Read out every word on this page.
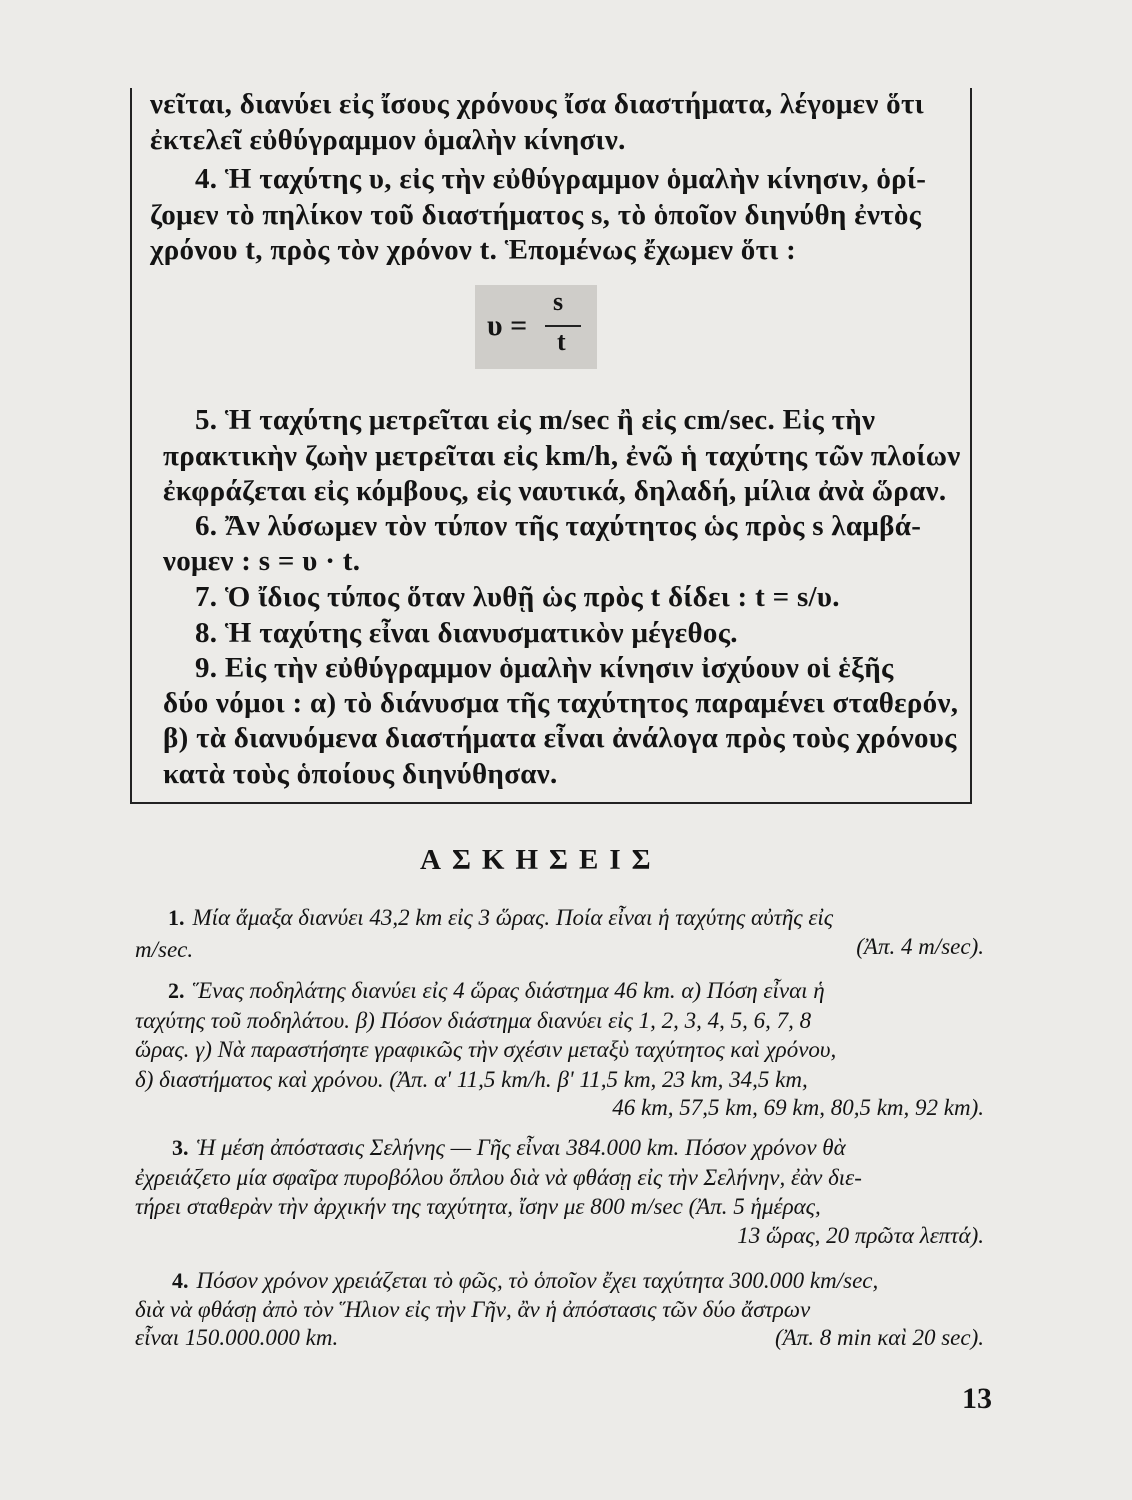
νεῖται, διανύει εἰς ἴσους χρόνους ἴσα διαστήματα, λέγομεν ὅτι
ἐκτελεῖ εὐθύγραμμον ὁμαλὴν κίνησιν.
4. Ἡ ταχύτης υ, εἰς τὴν εὐθύγραμμον ὁμαλὴν κίνησιν, ὁρί-
ζομεν τὸ πηλίκον τοῦ διαστήματος s, τὸ ὁποῖον διηνύθη ἐντὸς
χρόνου t, πρὸς τὸν χρόνον t. Ἑπομένως ἔχωμεν ὅτι :
υ =
s
t
5. Ἡ ταχύτης μετρεῖται εἰς m/sec ἢ εἰς cm/sec. Εἰς τὴν
πρακτικὴν ζωὴν μετρεῖται εἰς km/h, ἐνῶ ἡ ταχύτης τῶν πλοίων
ἐκφράζεται εἰς κόμβους, εἰς ναυτικά, δηλαδή, μίλια ἀνὰ ὥραν.
6. Ἄν λύσωμεν τὸν τύπον τῆς ταχύτητος ὡς πρὸς s λαμβά-
νομεν : s = υ · t.
7. Ὁ ἴδιος τύπος ὅταν λυθῇ ὡς πρὸς t δίδει : t = s/υ.
8. Ἡ ταχύτης εἶναι διανυσματικὸν μέγεθος.
9. Εἰς τὴν εὐθύγραμμον ὁμαλὴν κίνησιν ἰσχύουν οἱ ἑξῆς
δύο νόμοι : α) τὸ διάνυσμα τῆς ταχύτητος παραμένει σταθερόν,
β) τὰ διανυόμενα διαστήματα εἶναι ἀνάλογα πρὸς τοὺς χρόνους
κατὰ τοὺς ὁποίους διηνύθησαν.
ΑΣΚΗΣΕΙΣ
1. Μία ἅμαξα διανύει 43,2 km εἰς 3 ὥρας. Ποία εἶναι ἡ ταχύτης αὐτῆς εἰς
m/sec.	(Ἀπ. 4 m/sec).
2. Ἕνας ποδηλάτης διανύει εἰς 4 ὥρας διάστημα 46 km. α) Πόση εἶναι ἡ
ταχύτης τοῦ ποδηλάτου. β) Πόσον διάστημα διανύει εἰς 1, 2, 3, 4, 5, 6, 7, 8
ὥρας. γ) Νὰ παραστήσητε γραφικῶς τὴν σχέσιν μεταξὺ ταχύτητος καὶ χρόνου,
δ) διαστήματος καὶ χρόνου. (Ἀπ. α' 11,5 km/h. β' 11,5 km, 23 km, 34,5 km,
46 km, 57,5 km, 69 km, 80,5 km, 92 km).
3. Ἡ μέση ἀπόστασις Σελήνης — Γῆς εἶναι 384.000 km. Πόσον χρόνον θὰ
ἐχρειάζετο μία σφαῖρα πυροβόλου ὅπλου διὰ νὰ φθάσῃ εἰς τὴν Σελήνην, ἐὰν διε-
τήρει σταθερὰν τὴν ἀρχικήν της ταχύτητα, ἴσην με 800 m/sec (Ἀπ. 5 ἡμέρας,
13 ὥρας, 20 πρῶτα λεπτά).
4. Πόσον χρόνον χρειάζεται τὸ φῶς, τὸ ὁποῖον ἔχει ταχύτητα 300.000 km/sec,
διὰ νὰ φθάσῃ ἀπὸ τὸν Ἥλιον εἰς τὴν Γῆν, ἂν ἡ ἀπόστασις τῶν δύο ἄστρων
εἶναι 150.000.000 km.	(Ἀπ. 8 min καὶ 20 sec).
13
